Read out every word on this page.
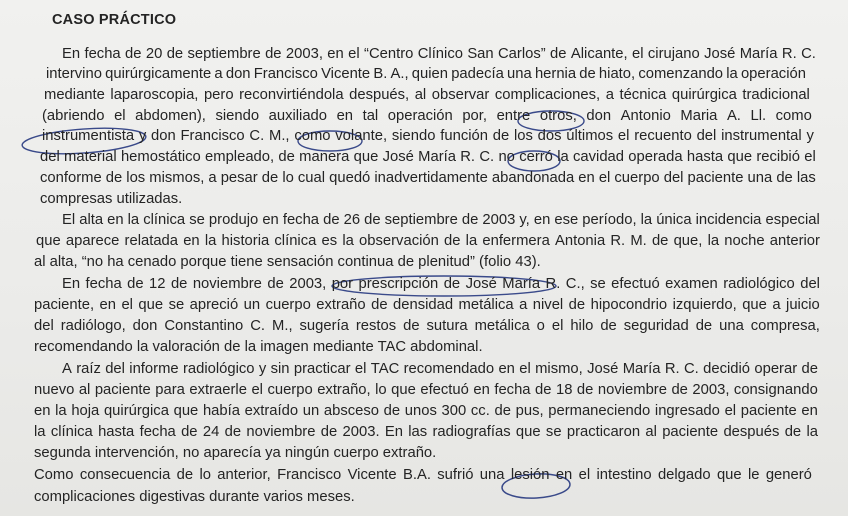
CASO PRÁCTICO
En fecha de 20 de septiembre de 2003, en el “Centro Clínico San Carlos” de Alicante, el cirujano José María R. C.
intervino quirúrgicamente a don Francisco Vicente B. A., quien padecía una hernia de hiato, comenzando la operación
mediante laparoscopia, pero reconvirtiéndola después, al observar complicaciones, a técnica quirúrgica tradicional
(abriendo el abdomen), siendo auxiliado en tal operación por, entre otros, don Antonio Maria A. Ll. como
instrumentista y don Francisco C. M., como volante, siendo función de los dos últimos el recuento del instrumental y
del material hemostático empleado, de manera que José María R. C. no cerró la cavidad operada hasta que recibió el
conforme de los mismos, a pesar de lo cual quedó inadvertidamente abandonada en el cuerpo del paciente una de las
compresas utilizadas.
El alta en la clínica se produjo en fecha de 26 de septiembre de 2003 y, en ese período, la única incidencia especial
que aparece relatada en la historia clínica es la observación de la enfermera Antonia R. M. de que, la noche anterior
al alta, “no ha cenado porque tiene sensación continua de plenitud” (folio 43).
En fecha de 12 de noviembre de 2003, por prescripción de José María R. C., se efectuó examen radiológico del
paciente, en el que se apreció un cuerpo extraño de densidad metálica a nivel de hipocondrio izquierdo, que a juicio
del radiólogo, don Constantino C. M., sugería restos de sutura metálica o el hilo de seguridad de una compresa,
recomendando la valoración de la imagen mediante TAC abdominal.
A raíz del informe radiológico y sin practicar el TAC recomendado en el mismo, José María R. C. decidió operar de
nuevo al paciente para extraerle el cuerpo extraño, lo que efectuó en fecha de 18 de noviembre de 2003, consignando
en la hoja quirúrgica que había extraído un absceso de unos 300 cc. de pus, permaneciendo ingresado el paciente en
la clínica hasta fecha de 24 de noviembre de 2003. En las radiografías que se practicaron al paciente después de la
segunda intervención, no aparecía ya ningún cuerpo extraño.
Como consecuencia de lo anterior, Francisco Vicente B.A. sufrió una lesión en el intestino delgado que le generó
complicaciones digestivas durante varios meses.
